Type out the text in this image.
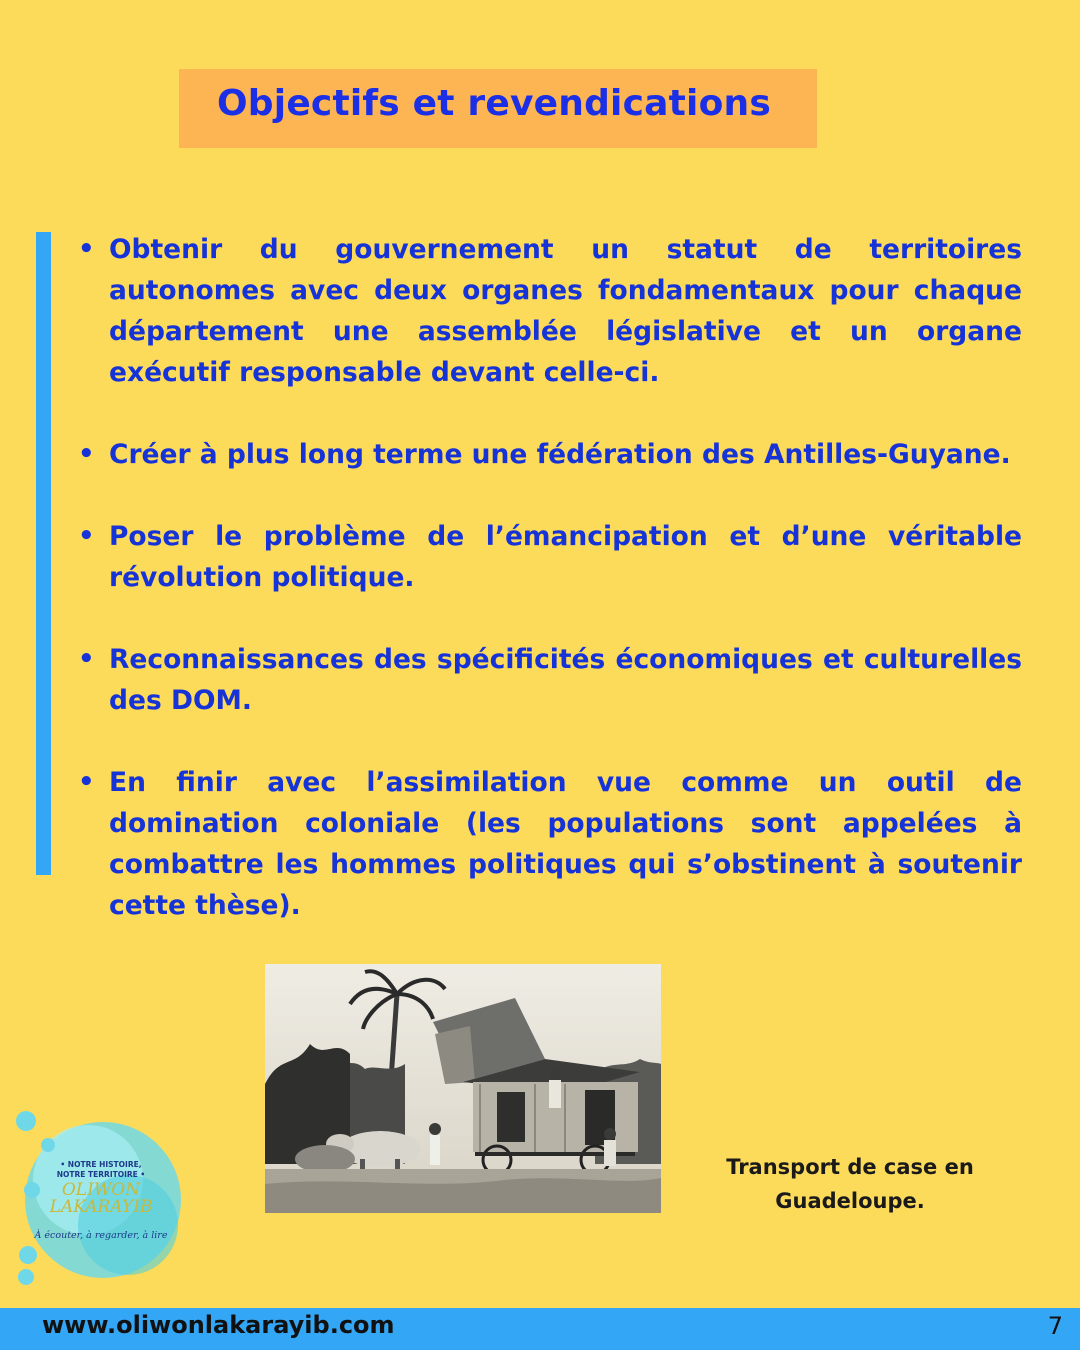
Objectifs et revendications
• Obtenir du gouvernement un statut de territoires autonomes avec deux organes fondamentaux pour chaque département une assemblée législative et un organe exécutif responsable devant celle-ci.
• Créer à plus long terme une fédération des Antilles-Guyane.
• Poser le problème de l’émancipation et d’une véritable révolution politique.
• Reconnaissances des spécificités économiques et culturelles des DOM.
• En finir avec l’assimilation vue comme un outil de domination coloniale (les populations sont appelées à combattre les hommes politiques qui s’obstinent à soutenir cette thèse).
Transport de case en
Guadeloupe.
• NOTRE HISTOIRE,
NOTRE TERRITOIRE •
OLIWON
LAKARAYIB
À écouter, à regarder, à lire
www.oliwonlakarayib.com	7
